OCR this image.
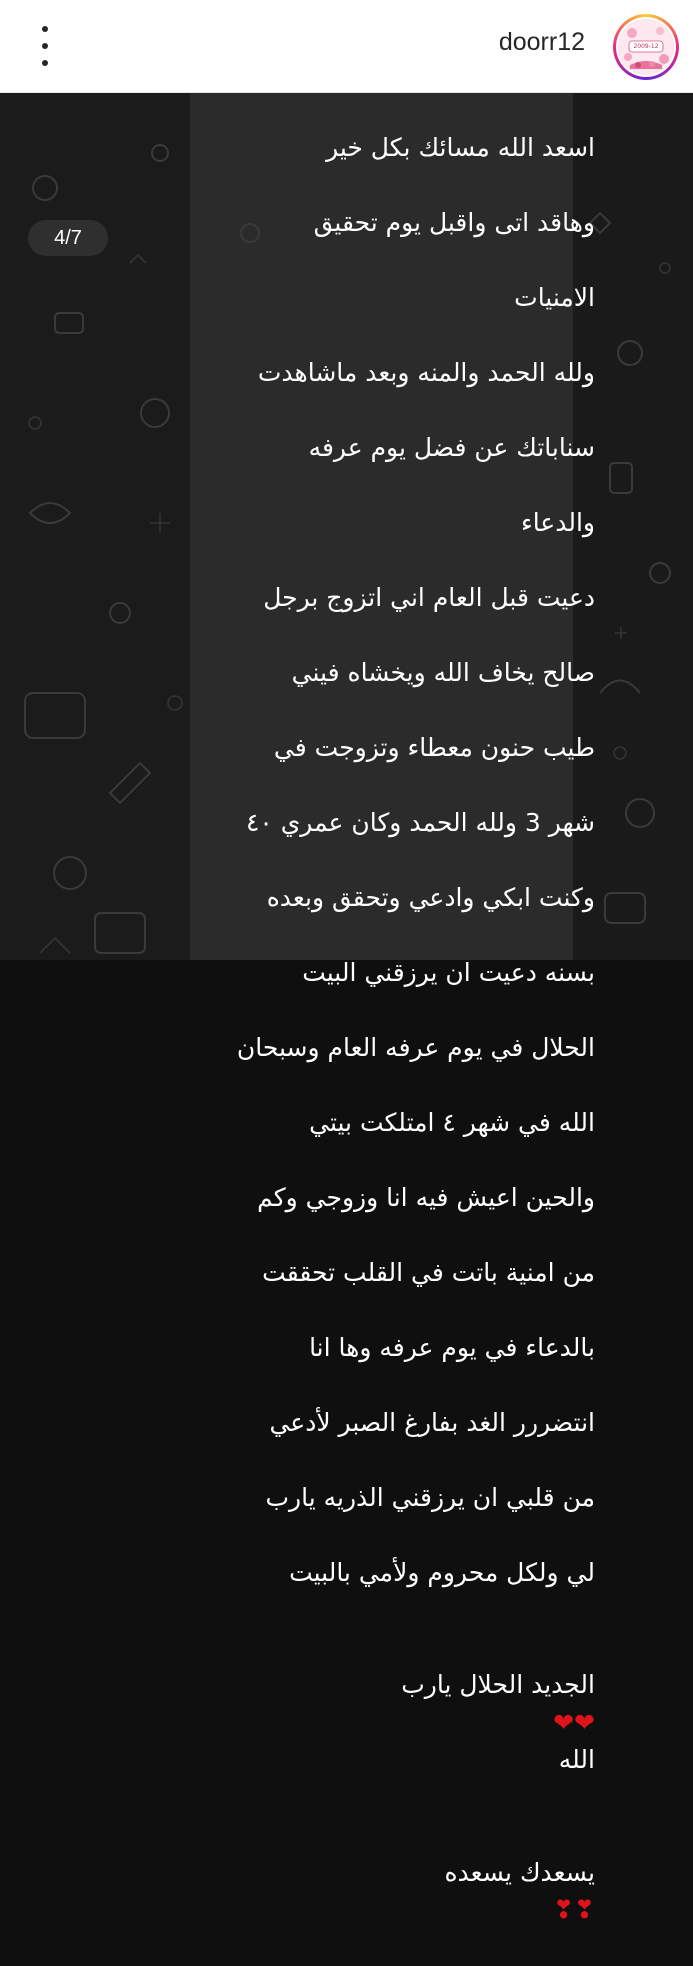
doorr12	2009-12
4/7

اسعد الله مسائك بكل خير

وهاقد اتى واقبل يوم تحقيق

الامنيات

ولله الحمد والمنه وبعد ماشاهدت

سناباتك عن فضل يوم عرفه

والدعاء

دعيت قبل العام اني اتزوج برجل

صالح يخاف الله ويخشاه فيني

طيب حنون معطاء وتزوجت في

شهر 3 ولله الحمد وكان عمري ٤٠

وكنت ابكي وادعي وتحقق وبعده

بسنه دعيت ان يرزقني البيت

الحلال في يوم عرفه العام وسبحان

الله في شهر ٤ امتلكت بيتي

والحين اعيش فيه انا وزوجي وكم

من امنية باتت في القلب تحققت

بالدعاء في يوم عرفه وها انا

انتضررر الغد بفارغ الصبر لأدعي

من قلبي ان يرزقني الذريه يارب

لي ولكل محروم ولأمي بالبيت

الجديد الحلال يارب
❤❤
الله

يسعدك يسعده
❣❣
